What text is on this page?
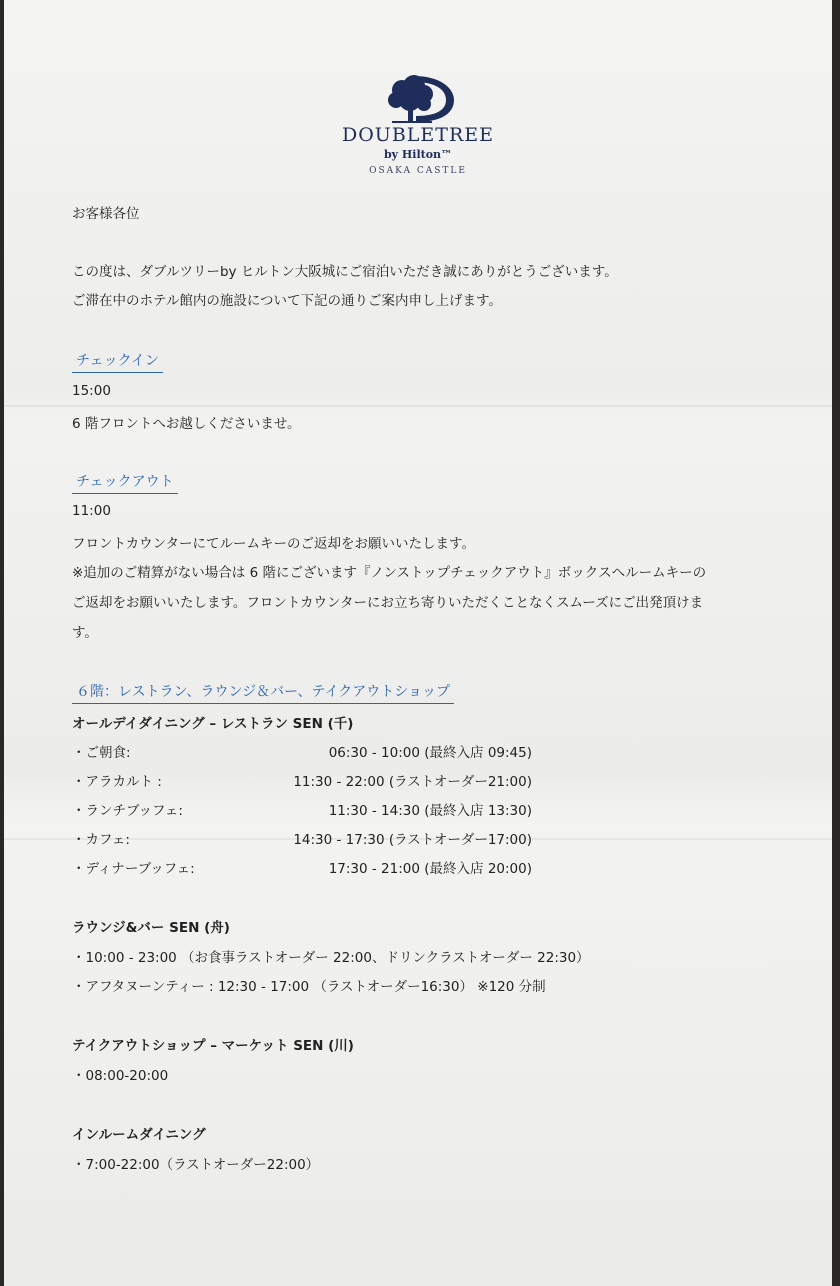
DOUBLETREE
by Hilton™
OSAKA CASTLE
お客様各位
この度は、ダブルツリーby ヒルトン大阪城にご宿泊いただき誠にありがとうございます。
ご滞在中のホテル館内の施設について下記の通りご案内申し上げます。
チェックイン
15:00
6 階フロントへお越しくださいませ。
チェックアウト
11:00
フロントカウンターにてルームキーのご返却をお願いいたします。
※追加のご精算がない場合は 6 階にございます『ノンストップチェックアウト』ボックスへルームキーの
ご返却をお願いいたします。フロントカウンターにお立ち寄りいただくことなくスムーズにご出発頂けま
す。
６階：レストラン、ラウンジ＆バー、テイクアウトショップ
オールデイダイニング – レストラン SEN (千)
・ご朝食:	06:30 - 10:00 (最終入店 09:45)
・アラカルト :	11:30 - 22:00 (ラストオーダー21:00)
・ランチブッフェ:	11:30 - 14:30 (最終入店 13:30)
・カフェ:	14:30 - 17:30 (ラストオーダー17:00)
・ディナーブッフェ:	17:30 - 21:00 (最終入店 20:00)
ラウンジ&バー SEN (舟)
・10:00 - 23:00 （お食事ラストオーダー 22:00、ドリンクラストオーダー 22:30）
・アフタヌーンティー : 12:30 - 17:00 （ラストオーダー16:30） ※120 分制
テイクアウトショップ – マーケット SEN (川)
・08:00-20:00
インルームダイニング
・7:00-22:00（ラストオーダー22:00）
